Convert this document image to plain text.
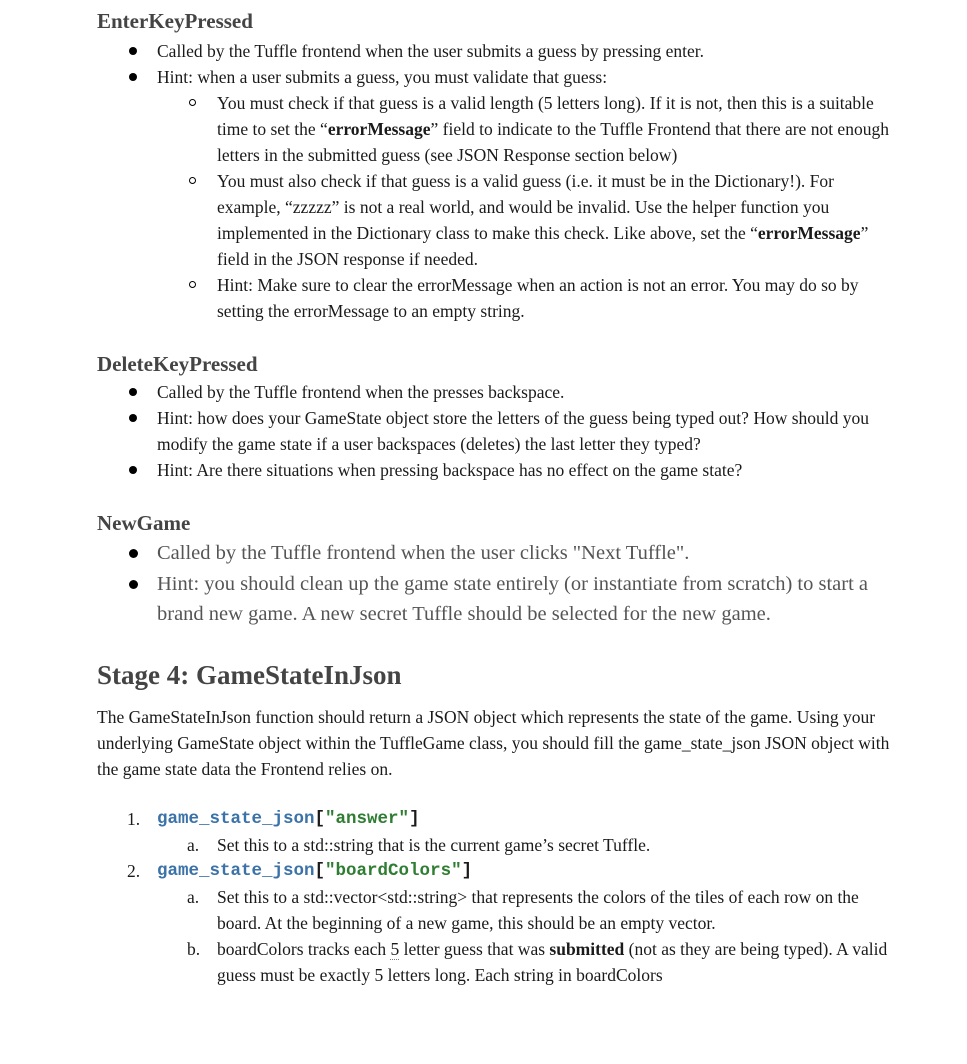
EnterKeyPressed
Called by the Tuffle frontend when the user submits a guess by pressing enter.
Hint: when a user submits a guess, you must validate that guess:
You must check if that guess is a valid length (5 letters long). If it is not, then this is a suitable time to set the “errorMessage” field to indicate to the Tuffle Frontend that there are not enough letters in the submitted guess (see JSON Response section below)
You must also check if that guess is a valid guess (i.e. it must be in the Dictionary!). For example, “zzzzz” is not a real world, and would be invalid. Use the helper function you implemented in the Dictionary class to make this check. Like above, set the “errorMessage” field in the JSON response if needed.
Hint: Make sure to clear the errorMessage when an action is not an error. You may do so by setting the errorMessage to an empty string.
DeleteKeyPressed
Called by the Tuffle frontend when the presses backspace.
Hint: how does your GameState object store the letters of the guess being typed out? How should you modify the game state if a user backspaces (deletes) the last letter they typed?
Hint: Are there situations when pressing backspace has no effect on the game state?
NewGame
Called by the Tuffle frontend when the user clicks "Next Tuffle".
Hint: you should clean up the game state entirely (or instantiate from scratch) to start a brand new game. A new secret Tuffle should be selected for the new game.
Stage 4: GameStateInJson

The GameStateInJson function should return a JSON object which represents the state of the game. Using your underlying GameState object within the TuffleGame class, you should fill the game_state_json JSON object with the game state data the Frontend relies on.

1. game_state_json["answer"]
a. Set this to a std::string that is the current game’s secret Tuffle.
2. game_state_json["boardColors"]
a. Set this to a std::vector<std::string> that represents the colors of the tiles of each row on the board. At the beginning of a new game, this should be an empty vector.
b. boardColors tracks each 5 letter guess that was submitted (not as they are being typed). A valid guess must be exactly 5 letters long. Each string in boardColors
